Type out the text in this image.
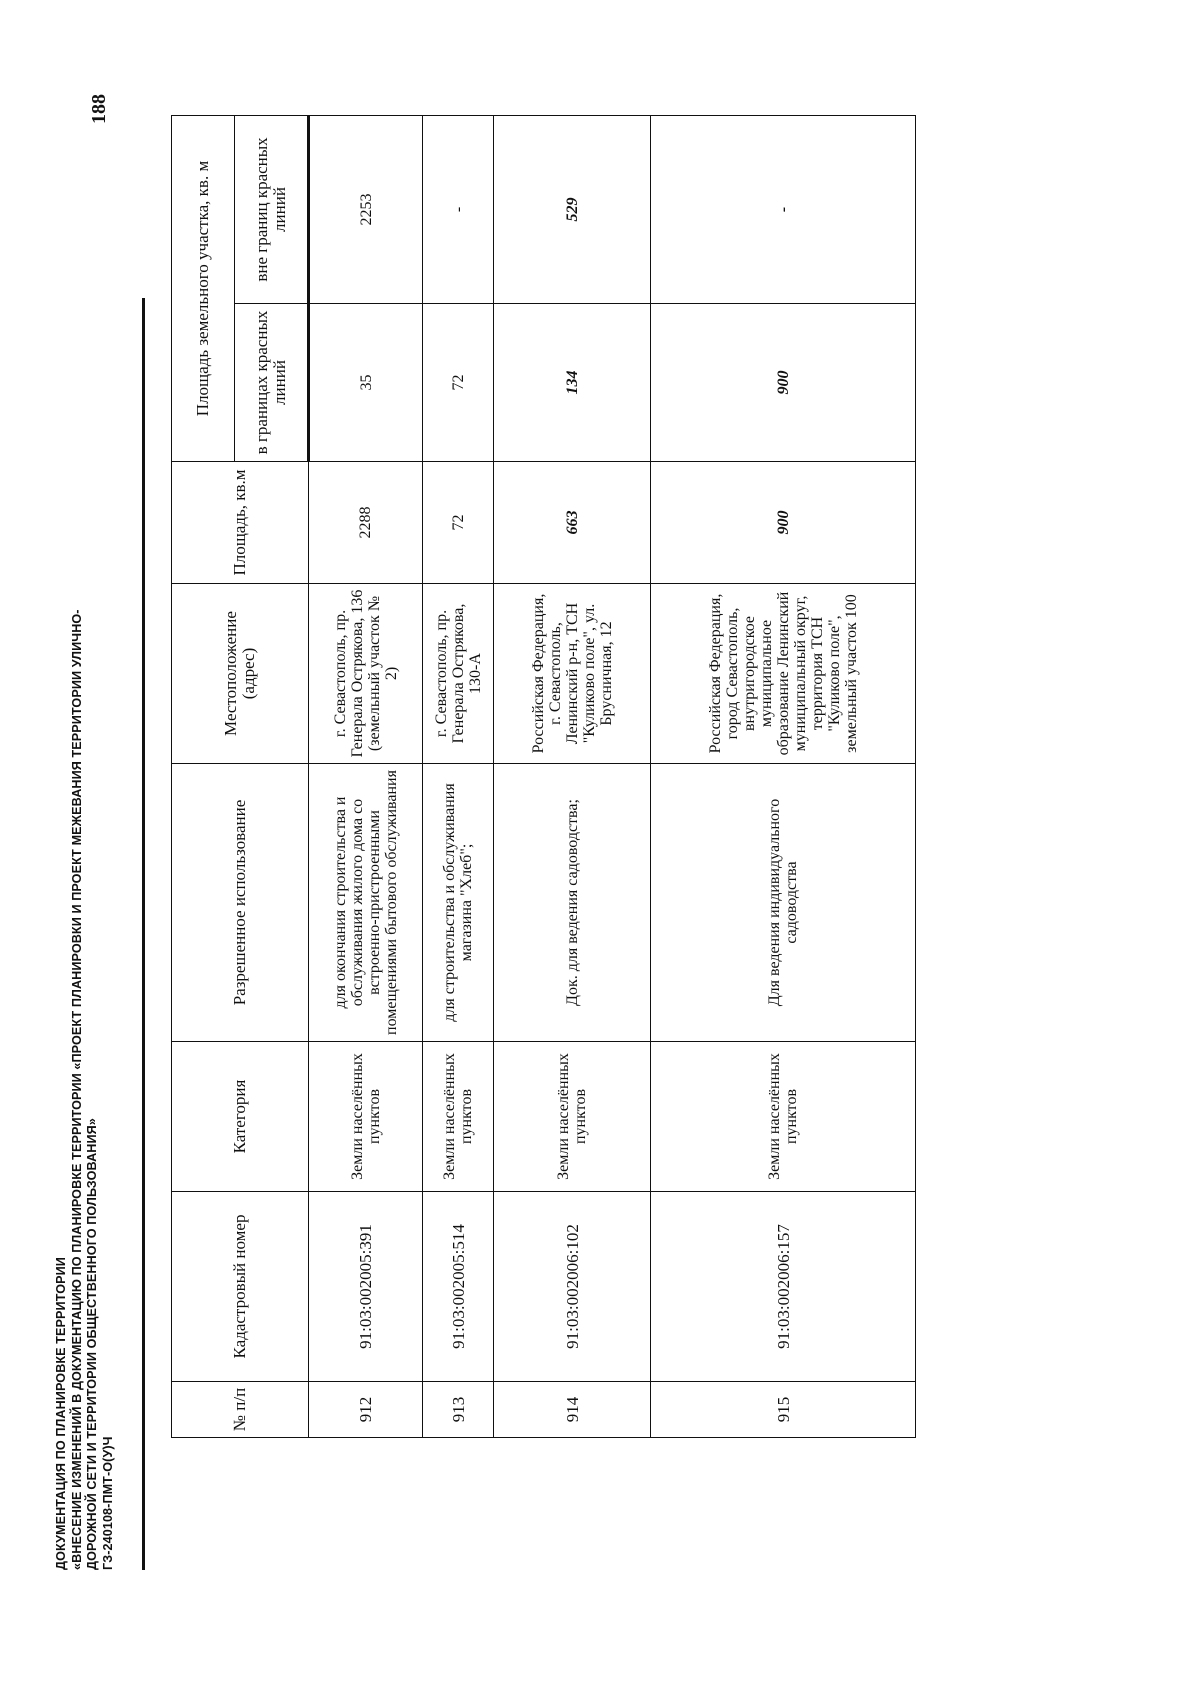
188
ДОКУМЕНТАЦИЯ ПО ПЛАНИРОВКЕ ТЕРРИТОРИИ «ВНЕСЕНИЕ ИЗМЕНЕНИЙ В ДОКУМЕНТАЦИЮ ПО ПЛАНИРОВКЕ ТЕРРИТОРИИ «ПРОЕКТ ПЛАНИРОВКИ И ПРОЕКТ МЕЖЕВАНИЯ ТЕРРИТОРИИ УЛИЧНО- ДОРОЖНОЙ СЕТИ И ТЕРРИТОРИИ ОБЩЕСТВЕННОГО ПОЛЬЗОВАНИЯ» ГЗ-240108-ПМТ-О(У)Ч
№ п/п	Кадастровый номер	Категория	Разрешенное использование	Местоположение (адрес)	Площадь, кв.м	Площадь земельного участка, кв. м	
						в границах красных линий	вне границ красных линий
912	91:03:002005:391	Земли населённых пунктов	для окончания строительства и обслуживания жилого дома со встроенно-пристроенными помещениями бытового обслуживания	г. Севастополь, пр. Генерала Острякова, 136 (земельный участок № 2)	2288	35	2253
913	91:03:002005:514	Земли населённых пунктов	для строительства и обслуживания магазина "Хлеб";	г. Севастополь, пр. Генерала Острякова, 130-А	72	72	-
914	91:03:002006:102	Земли населённых пунктов	Док. для ведения садоводства;	Российская Федерация, г. Севастополь, Ленинский р-н, ТСН "Куликово поле", ул. Брусничная, 12	663	134	529
915	91:03:002006:157	Земли населённых пунктов	Для ведения индивидуального садоводства	Российская Федерация, город Севастополь, внутригородское муниципальное образование Ленинский муниципальный округ, территория ТСН "Куликово поле", земельный участок 100	900	900	-
